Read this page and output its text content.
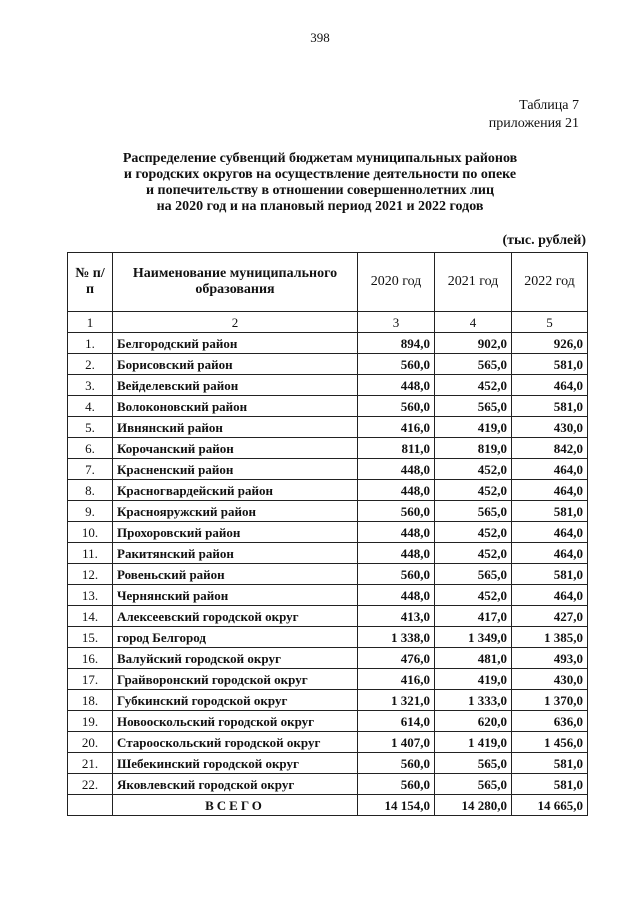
398
Таблица 7
приложения 21
Распределение субвенций бюджетам муниципальных районов
и городских округов на осуществление деятельности по опеке
и попечительству в отношении совершеннолетних лиц
на 2020 год и на плановый период 2021 и 2022 годов
(тыс. рублей)
№ п/п	Наименование муниципального образования	2020 год	2021 год	2022 год
1	2	3	4	5
1.	Белгородский район	894,0	902,0	926,0
2.	Борисовский район	560,0	565,0	581,0
3.	Вейделевский район	448,0	452,0	464,0
4.	Волоконовский район	560,0	565,0	581,0
5.	Ивнянский район	416,0	419,0	430,0
6.	Корочанский район	811,0	819,0	842,0
7.	Красненский район	448,0	452,0	464,0
8.	Красногвардейский район	448,0	452,0	464,0
9.	Краснояружский район	560,0	565,0	581,0
10.	Прохоровский район	448,0	452,0	464,0
11.	Ракитянский район	448,0	452,0	464,0
12.	Ровеньский район	560,0	565,0	581,0
13.	Чернянский район	448,0	452,0	464,0
14.	Алексеевский городской округ	413,0	417,0	427,0
15.	город Белгород	1 338,0	1 349,0	1 385,0
16.	Валуйский городской округ	476,0	481,0	493,0
17.	Грайворонский городской округ	416,0	419,0	430,0
18.	Губкинский городской округ	1 321,0	1 333,0	1 370,0
19.	Новооскольский городской округ	614,0	620,0	636,0
20.	Старооскольский городской округ	1 407,0	1 419,0	1 456,0
21.	Шебекинский городской округ	560,0	565,0	581,0
22.	Яковлевский городской округ	560,0	565,0	581,0
	ВСЕГО	14 154,0	14 280,0	14 665,0
